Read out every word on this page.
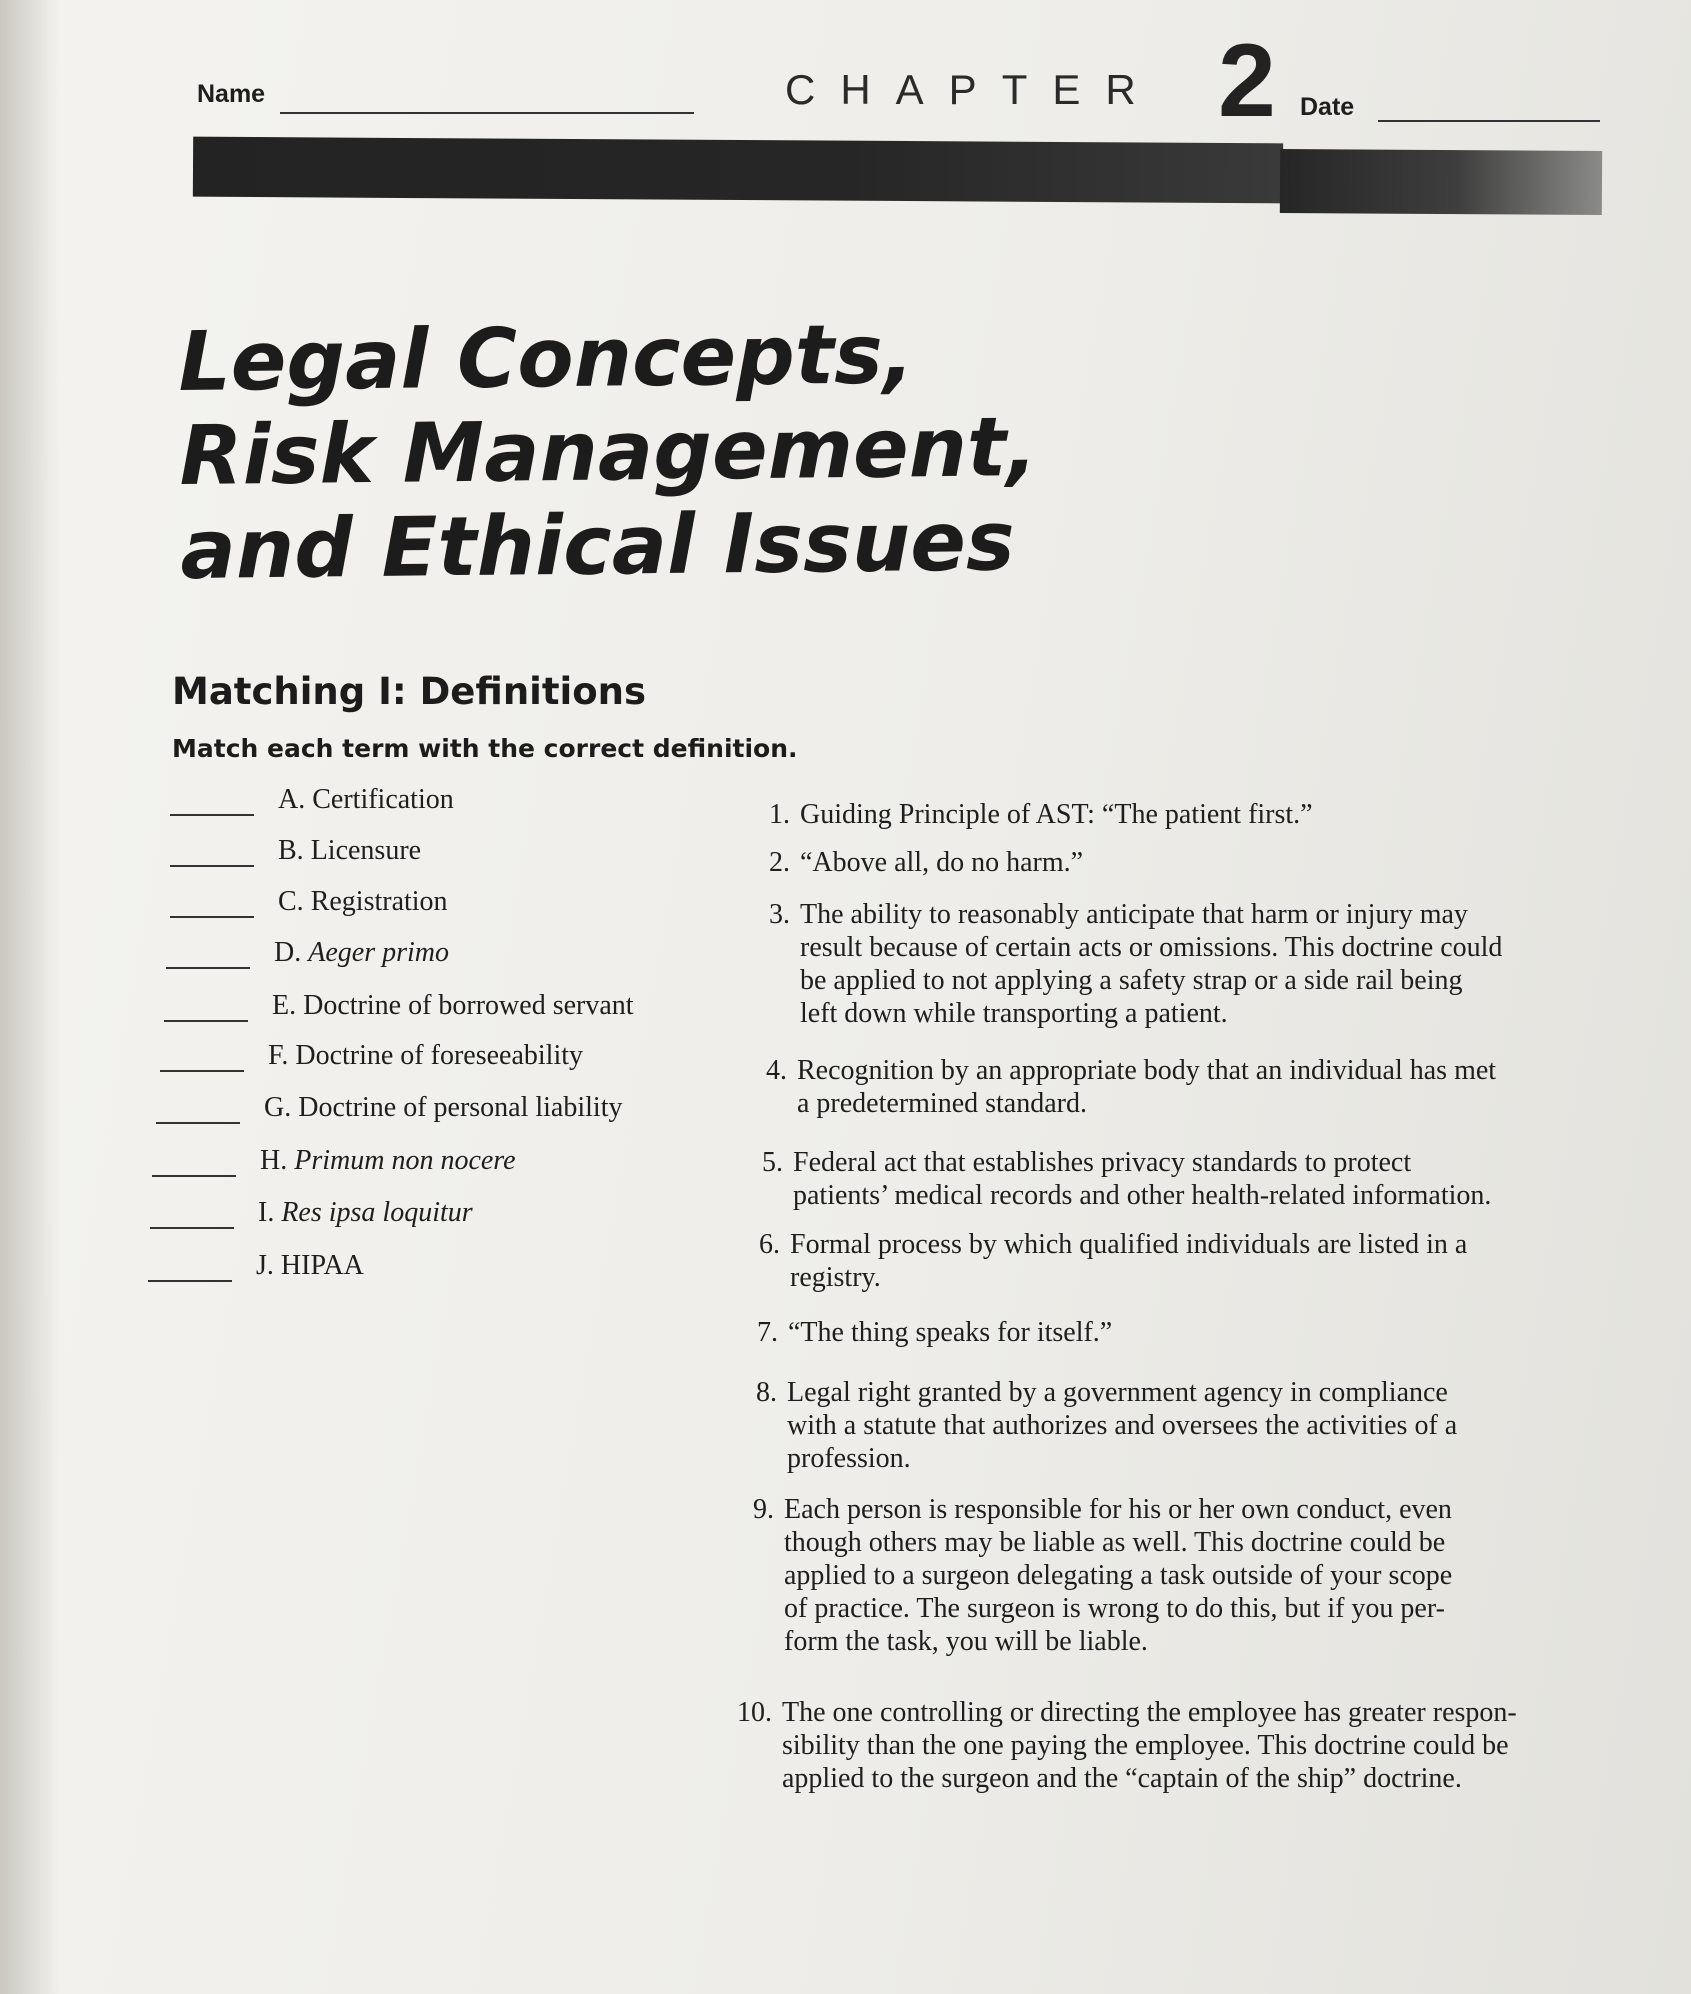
Name	CHAPTER 2 Date
Legal Concepts,
Risk Management,
and Ethical Issues
Matching I: Definitions
Match each term with the correct definition.
A. Certification
B. Licensure
C. Registration
D. Aeger primo
E. Doctrine of borrowed servant
F. Doctrine of foreseeability
G. Doctrine of personal liability
H. Primum non nocere
I. Res ipsa loquitur
J. HIPAA
1. Guiding Principle of AST: “The patient first.”
2. “Above all, do no harm.”
3. The ability to reasonably anticipate that harm or injury may
result because of certain acts or omissions. This doctrine could
be applied to not applying a safety strap or a side rail being
left down while transporting a patient.
4. Recognition by an appropriate body that an individual has met
a predetermined standard.
5. Federal act that establishes privacy standards to protect
patients’ medical records and other health-related information.
6. Formal process by which qualified individuals are listed in a
registry.
7. “The thing speaks for itself.”
8. Legal right granted by a government agency in compliance
with a statute that authorizes and oversees the activities of a
profession.
9. Each person is responsible for his or her own conduct, even
though others may be liable as well. This doctrine could be
applied to a surgeon delegating a task outside of your scope
of practice. The surgeon is wrong to do this, but if you per-
form the task, you will be liable.
10. The one controlling or directing the employee has greater respon-
sibility than the one paying the employee. This doctrine could be
applied to the surgeon and the “captain of the ship” doctrine.
